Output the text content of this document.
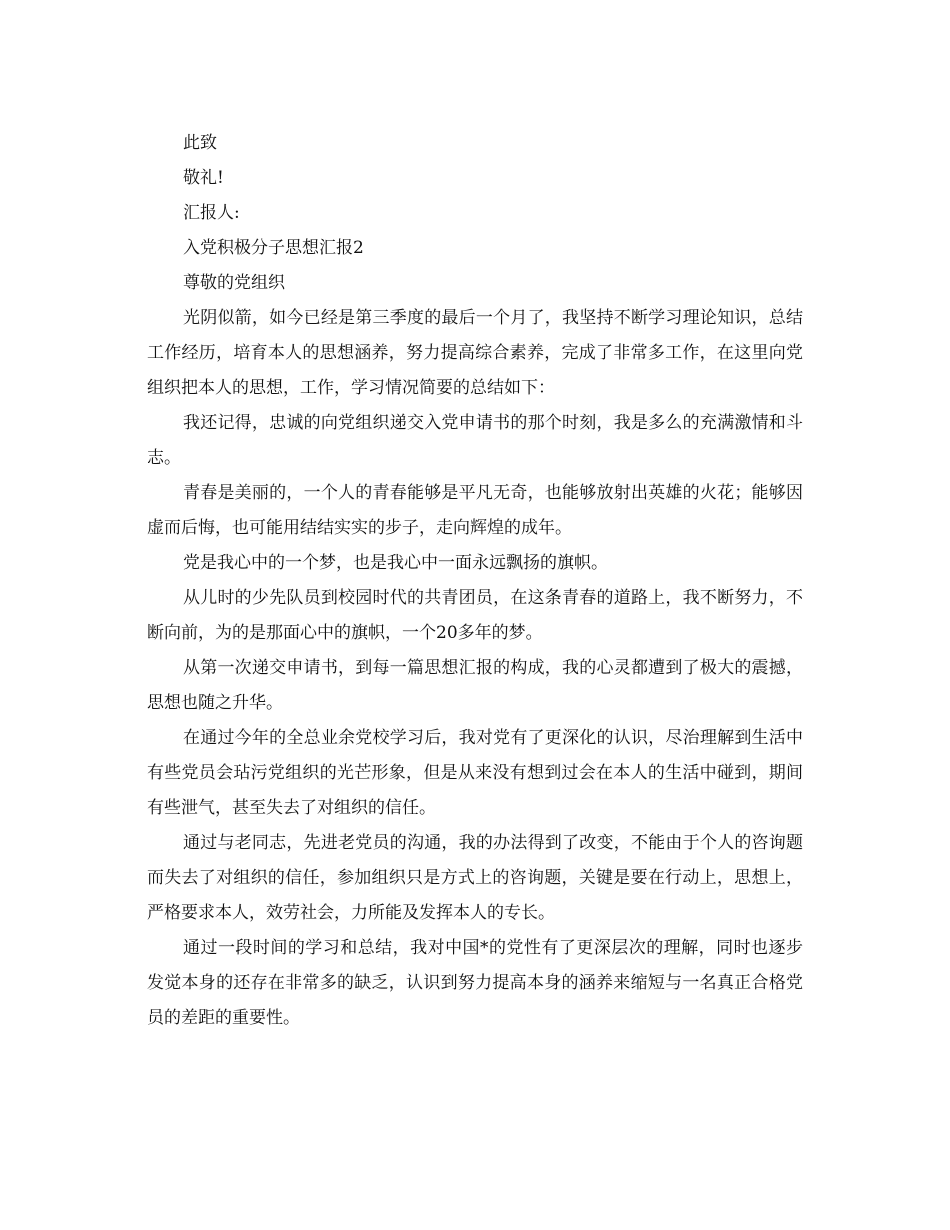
此致

敬礼!

汇报人:

入党积极分子思想汇报2

尊敬的党组织

光阴似箭，如今已经是第三季度的最后一个月了，我坚持不断学习理论知识，总结工作经历，培育本人的思想涵养，努力提高综合素养，完成了非常多工作，在这里向党组织把本人的思想，工作，学习情况简要的总结如下：

我还记得，忠诚的向党组织递交入党申请书的那个时刻，我是多么的充满激情和斗志。

青春是美丽的，一个人的青春能够是平凡无奇，也能够放射出英雄的火花；能够因虚而后悔，也可能用结结实实的步子，走向辉煌的成年。

党是我心中的一个梦，也是我心中一面永远飘扬的旗帜。

从儿时的少先队员到校园时代的共青团员，在这条青春的道路上，我不断努力，不断向前，为的是那面心中的旗帜，一个20多年的梦。

从第一次递交申请书，到每一篇思想汇报的构成，我的心灵都遭到了极大的震撼，思想也随之升华。

在通过今年的全总业余党校学习后，我对党有了更深化的认识，尽治理解到生活中有些党员会玷污党组织的光芒形象，但是从来没有想到过会在本人的生活中碰到，期间有些泄气，甚至失去了对组织的信任。

通过与老同志，先进老党员的沟通，我的办法得到了改变，不能由于个人的咨询题而失去了对组织的信任，参加组织只是方式上的咨询题，关键是要在行动上，思想上，严格要求本人，效劳社会，力所能及发挥本人的专长。

通过一段时间的学习和总结，我对中国*的党性有了更深层次的理解，同时也逐步发觉本身的还存在非常多的缺乏，认识到努力提高本身的涵养来缩短与一名真正合格党员的差距的重要性。
